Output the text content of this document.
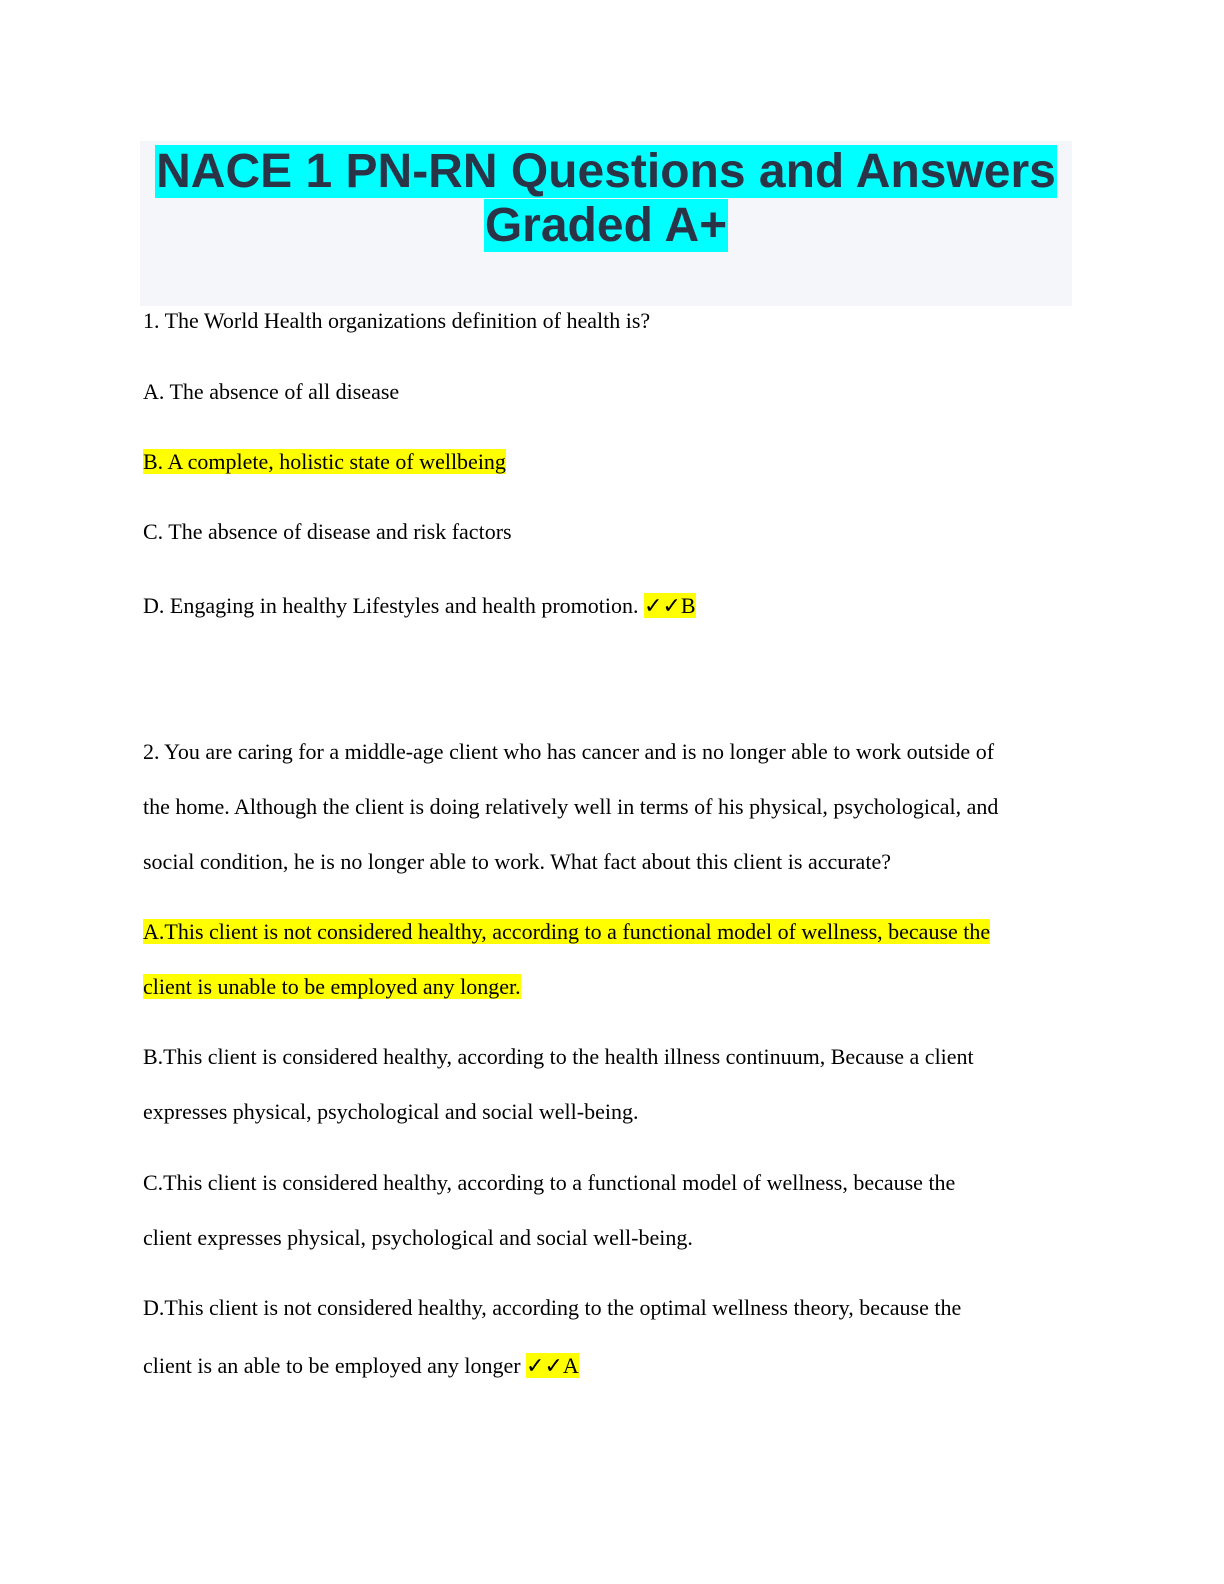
NACE 1 PN-RN Questions and Answers
Graded A+
1. The World Health organizations definition of health is?
A. The absence of all disease
B. A complete, holistic state of wellbeing
C. The absence of disease and risk factors
D. Engaging in healthy Lifestyles and health promotion. ✓✓B
2. You are caring for a middle-age client who has cancer and is no longer able to work outside of
the home. Although the client is doing relatively well in terms of his physical, psychological, and
social condition, he is no longer able to work. What fact about this client is accurate?
A.This client is not considered healthy, according to a functional model of wellness, because the
client is unable to be employed any longer.
B.This client is considered healthy, according to the health illness continuum, Because a client
expresses physical, psychological and social well-being.
C.This client is considered healthy, according to a functional model of wellness, because the
client expresses physical, psychological and social well-being.
D.This client is not considered healthy, according to the optimal wellness theory, because the
client is an able to be employed any longer ✓✓A
